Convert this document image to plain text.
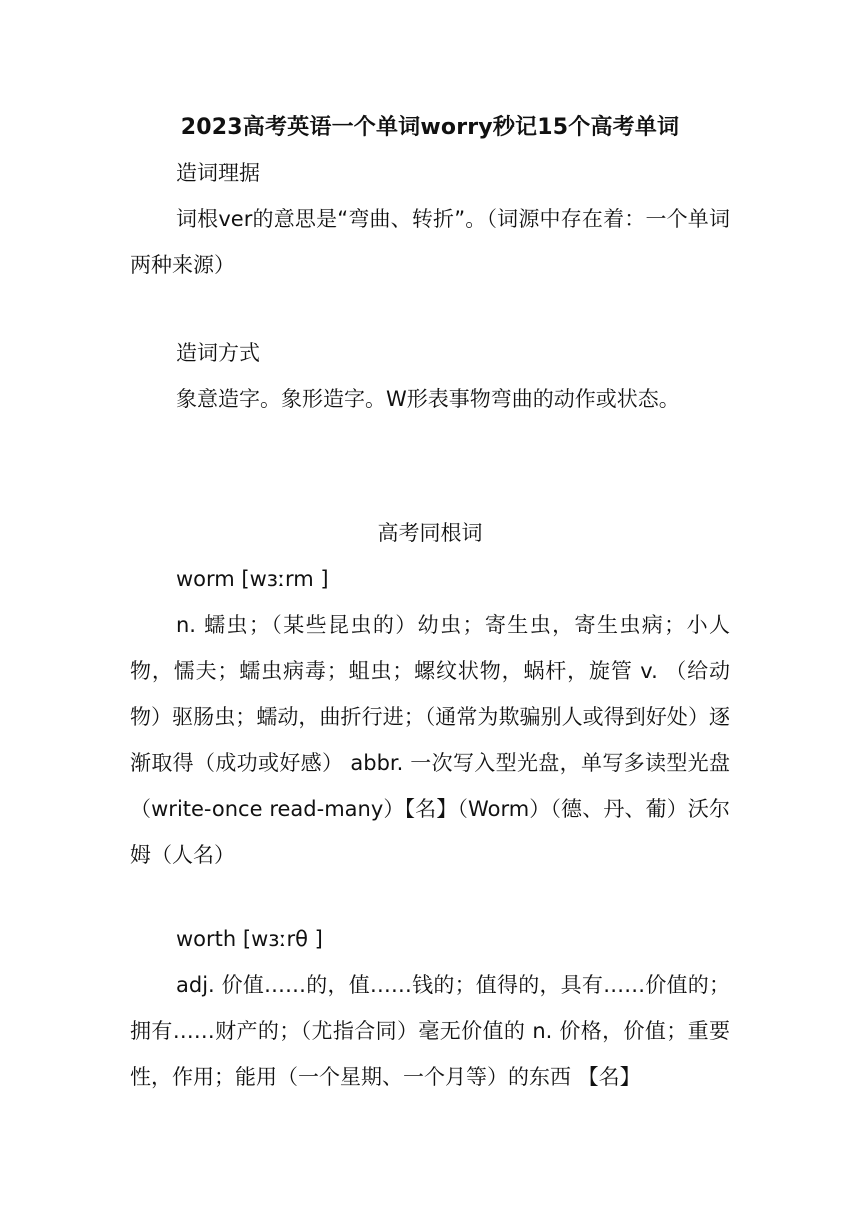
2023高考英语一个单词worry秒记15个高考单词

造词理据

词根ver的意思是“弯曲、转折”。（词源中存在着：一个单词两种来源）

造词方式

象意造字。象形造字。W形表事物弯曲的动作或状态。

高考同根词

worm [wɜːrm ]

n. 蠕虫；（某些昆虫的）幼虫；寄生虫，寄生虫病；小人物，懦夫；蠕虫病毒；蛆虫；螺纹状物，蜗杆，旋管 v. （给动物）驱肠虫；蠕动，曲折行进；（通常为欺骗别人或得到好处）逐渐取得（成功或好感） abbr. 一次写入型光盘，单写多读型光盘（write-once read-many）【名】（Worm）（德、丹、葡）沃尔姆（人名）

worth [wɜːrθ ]

adj. 价值……的，值……钱的；值得的，具有……价值的；拥有……财产的；（尤指合同）毫无价值的 n. 价格，价值；重要性，作用；能用（一个星期、一个月等）的东西 【名】
